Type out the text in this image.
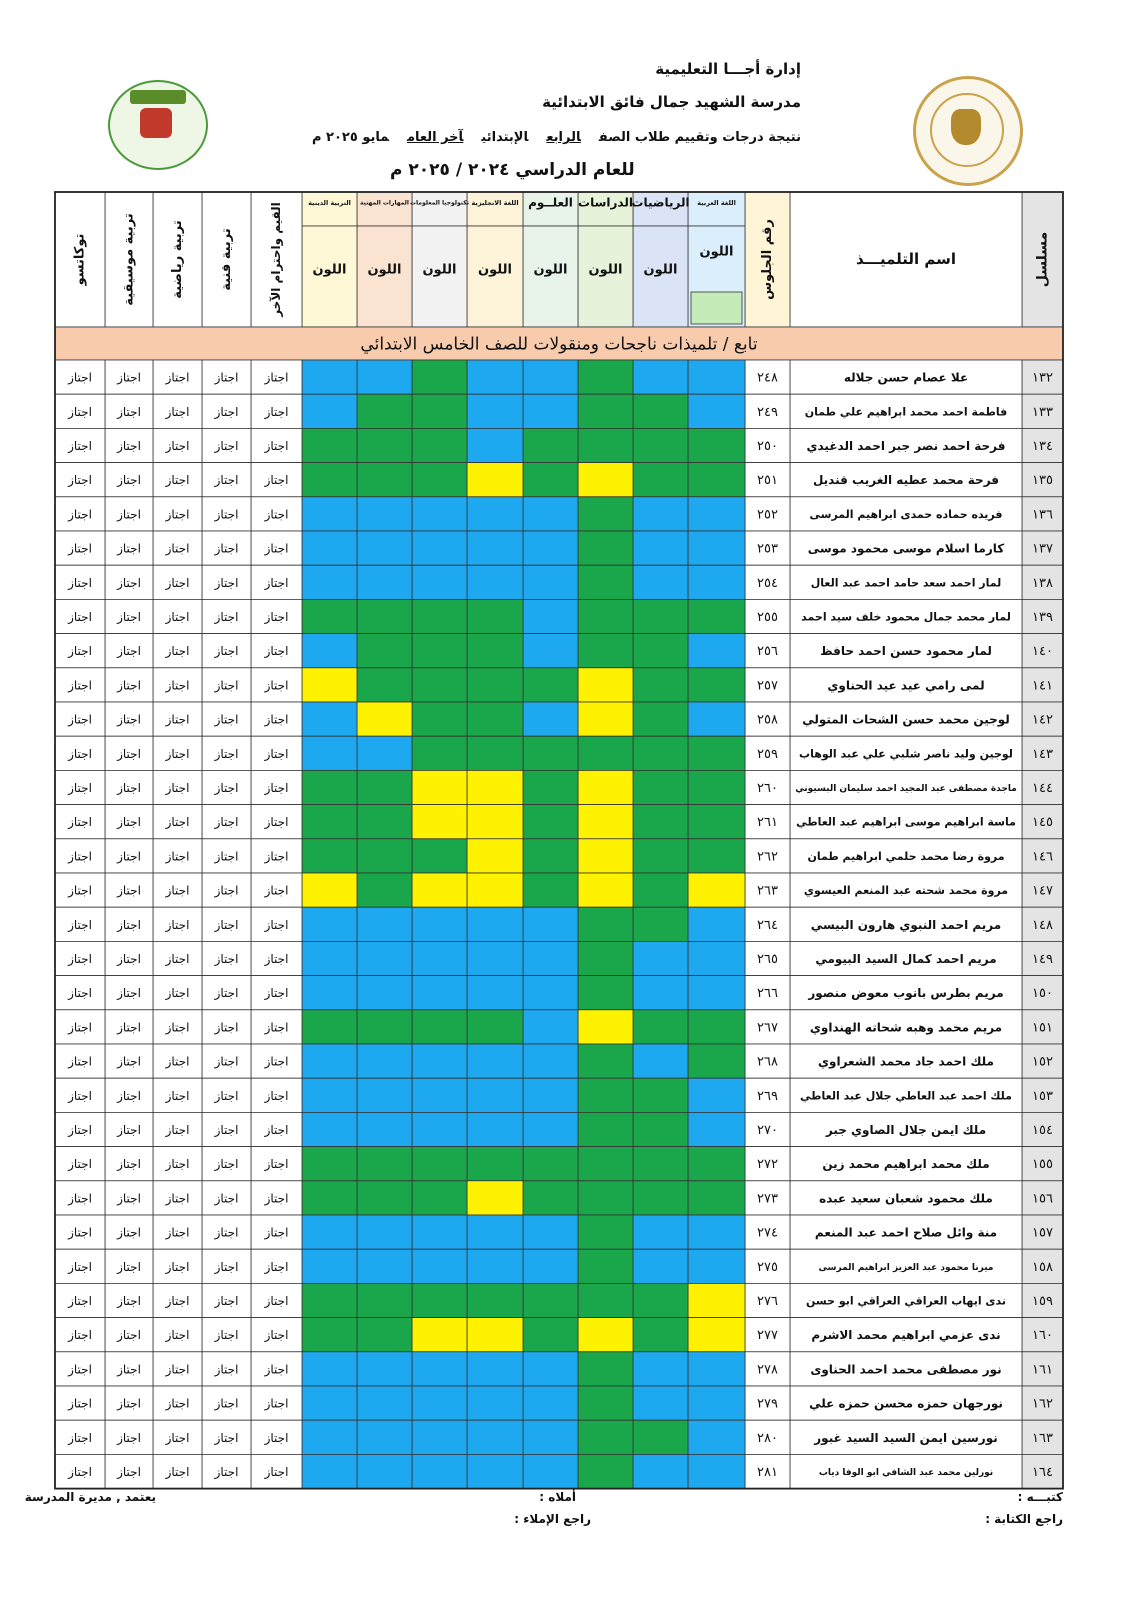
إدارة أجـــا التعليمية
مدرسة الشهيد جمال فائق الابتدائية
نتيجة درجات وتقييم طلاب الصفالرابعالإبتدائيآخر العاممايو ٢٠٢٥ م
للعام الدراسي ٢٠٢٤ / ٢٠٢٥ م
مسلسل
اسم التلميـــذ
رقم الجلوس
اللغة العربية
اللون
الرياضيات
اللون
الدراسات
اللون
العلــوم
اللون
اللغة الانجليزية
اللون
تكنولوجيا المعلومات
اللون
المهارات المهنية
اللون
التربية الدينية
اللون
القيم واحترام الآخر
تربية فنية
تربية رياضية
تربية موسيقية
توكاتسو
تابع / تلميذات ناجحات ومنقولات للصف الخامس الابتدائي
١٣٢
علا عصام حسن جلاله
٢٤٨
اجتاز
اجتاز
اجتاز
اجتاز
اجتاز
١٣٣
فاطمة احمد محمد ابراهيم علي طمان
٢٤٩
اجتاز
اجتاز
اجتاز
اجتاز
اجتاز
١٣٤
فرحة احمد نصر جبر احمد الدغيدي
٢٥٠
اجتاز
اجتاز
اجتاز
اجتاز
اجتاز
١٣٥
فرحة محمد عطيه الغريب قنديل
٢٥١
اجتاز
اجتاز
اجتاز
اجتاز
اجتاز
١٣٦
فريده حماده حمدى ابراهيم المرسى
٢٥٢
اجتاز
اجتاز
اجتاز
اجتاز
اجتاز
١٣٧
كارما اسلام موسى محمود موسى
٢٥٣
اجتاز
اجتاز
اجتاز
اجتاز
اجتاز
١٣٨
لمار احمد سعد حامد احمد عبد العال
٢٥٤
اجتاز
اجتاز
اجتاز
اجتاز
اجتاز
١٣٩
لمار محمد جمال محمود خلف سيد احمد
٢٥٥
اجتاز
اجتاز
اجتاز
اجتاز
اجتاز
١٤٠
لمار محمود حسن احمد حافظ
٢٥٦
اجتاز
اجتاز
اجتاز
اجتاز
اجتاز
١٤١
لمى رامي عيد عيد الحناوي
٢٥٧
اجتاز
اجتاز
اجتاز
اجتاز
اجتاز
١٤٢
لوجين محمد حسن الشحات المتولي
٢٥٨
اجتاز
اجتاز
اجتاز
اجتاز
اجتاز
١٤٣
لوجين وليد ناصر شلبي علي عبد الوهاب
٢٥٩
اجتاز
اجتاز
اجتاز
اجتاز
اجتاز
١٤٤
ماجدة مصطفى عبد المجيد احمد سليمان البسيوني
٢٦٠
اجتاز
اجتاز
اجتاز
اجتاز
اجتاز
١٤٥
ماسة ابراهيم موسى ابراهيم عبد العاطي
٢٦١
اجتاز
اجتاز
اجتاز
اجتاز
اجتاز
١٤٦
مروة رضا محمد حلمي ابراهيم طمان
٢٦٢
اجتاز
اجتاز
اجتاز
اجتاز
اجتاز
١٤٧
مروة محمد شحته عبد المنعم العيسوي
٢٦٣
اجتاز
اجتاز
اجتاز
اجتاز
اجتاز
١٤٨
مريم احمد النبوي هارون البيسي
٢٦٤
اجتاز
اجتاز
اجتاز
اجتاز
اجتاز
١٤٩
مريم احمد كمال السيد البيومي
٢٦٥
اجتاز
اجتاز
اجتاز
اجتاز
اجتاز
١٥٠
مريم بطرس بانوب معوض منصور
٢٦٦
اجتاز
اجتاز
اجتاز
اجتاز
اجتاز
١٥١
مريم محمد وهبه شحاته الهنداوي
٢٦٧
اجتاز
اجتاز
اجتاز
اجتاز
اجتاز
١٥٢
ملك احمد جاد محمد الشعراوي
٢٦٨
اجتاز
اجتاز
اجتاز
اجتاز
اجتاز
١٥٣
ملك احمد عبد العاطي جلال عبد العاطي
٢٦٩
اجتاز
اجتاز
اجتاز
اجتاز
اجتاز
١٥٤
ملك ايمن جلال الصاوي جبر
٢٧٠
اجتاز
اجتاز
اجتاز
اجتاز
اجتاز
١٥٥
ملك محمد ابراهيم محمد زين
٢٧٢
اجتاز
اجتاز
اجتاز
اجتاز
اجتاز
١٥٦
ملك محمود شعبان سعيد عبده
٢٧٣
اجتاز
اجتاز
اجتاز
اجتاز
اجتاز
١٥٧
منة وائل صلاح احمد عبد المنعم
٢٧٤
اجتاز
اجتاز
اجتاز
اجتاز
اجتاز
١٥٨
ميرنا محمود عبد العزيز ابراهيم المرسى
٢٧٥
اجتاز
اجتاز
اجتاز
اجتاز
اجتاز
١٥٩
ندى ايهاب العراقي العراقي ابو حسن
٢٧٦
اجتاز
اجتاز
اجتاز
اجتاز
اجتاز
١٦٠
ندى عزمي ابراهيم محمد الاشرم
٢٧٧
اجتاز
اجتاز
اجتاز
اجتاز
اجتاز
١٦١
نور مصطفى محمد احمد الحناوى
٢٧٨
اجتاز
اجتاز
اجتاز
اجتاز
اجتاز
١٦٢
نورجهان حمزه محسن حمزه علي
٢٧٩
اجتاز
اجتاز
اجتاز
اجتاز
اجتاز
١٦٣
نورسين ايمن السيد السيد غبور
٢٨٠
اجتاز
اجتاز
اجتاز
اجتاز
اجتاز
١٦٤
نورلين محمد عبد الشافي ابو الوفا دياب
٢٨١
اجتاز
اجتاز
اجتاز
اجتاز
اجتاز
كتبـــه :
راجع الكتابة :
أملاه :
راجع الإملاء :
يعتمد , مديرة المدرسة
